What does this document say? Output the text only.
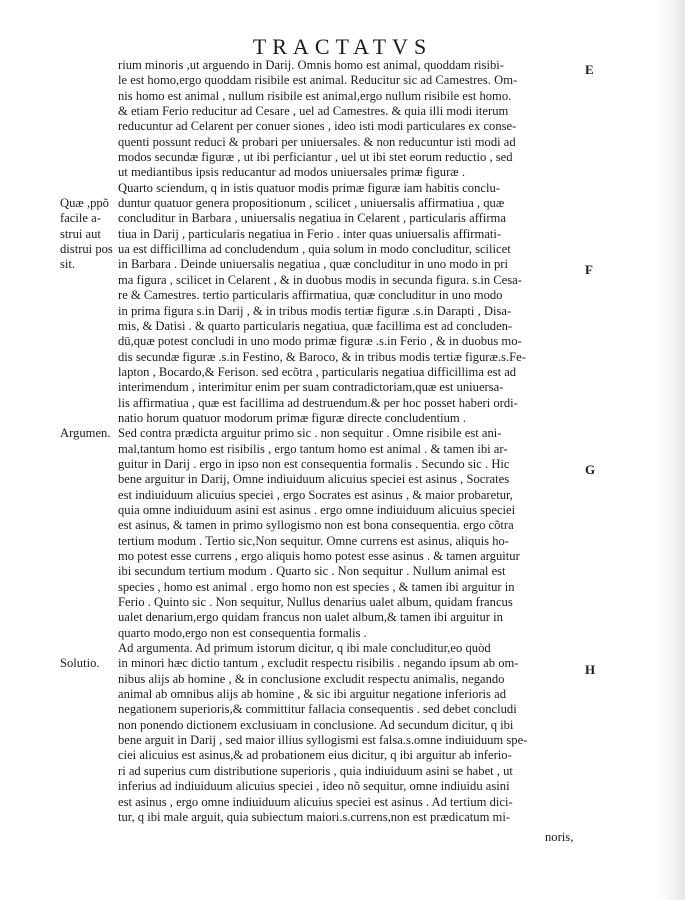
TRACTATVS
rium minoris ,ut arguendo in Darij. Omnis homo est animal, quoddam risibi-
le est homo,ergo quoddam risibile est animal. Reducitur sic ad Camestres. Om-
nis homo est animal , nullum risibile est animal,ergo nullum risibile est homo.
& etiam Ferio reducitur ad Cesare , uel ad Camestres. & quia illi modi iterum
reducuntur ad Celarent per conuer siones , ideo isti modi particulares ex conse-
quenti possunt reduci & probari per uniuersales. & non reducuntur isti modi ad
modos secundæ figuræ , ut ibi perficiantur , uel ut ibi stet eorum reductio , sed
ut mediantibus ipsis reducantur ad modos uniuersales primæ figuræ .
Quarto sciendum, q in istis quatuor modis primæ figuræ iam habitis conclu-
duntur quatuor genera propositionum , scilicet , uniuersalis affirmatiua , quæ
concluditur in Barbara , uniuersalis negatiua in Celarent , particularis affirma
tiua in Darij , particularis negatiua in Ferio . inter quas uniuersalis affirmati-
ua est difficillima ad concludendum , quia solum in modo concluditur, scilicet
in Barbara . Deinde uniuersalis negatiua , quæ concluditur in uno modo in pri
ma figura , scilicet in Celarent , & in duobus modis in secunda figura. s.in Cesa-
re & Camestres. tertio particularis affirmatiua, quæ concluditur in uno modo
in prima figura s.in Darij , & in tribus modis tertiæ figuræ .s.in Darapti , Disa-
mis, & Datisi . & quarto particularis negatiua, quæ facillima est ad concluden-
dū,quæ potest concludi in uno modo primæ figuræ .s.in Ferio , & in duobus mo-
dis secundæ figuræ .s.in Festino, & Baroco, & in tribus modis tertiæ figuræ.s.Fe-
lapton , Bocardo,& Ferison. sed ecõtra , particularis negatiua difficillima est ad
interimendum , interimitur enim per suam contradictoriam,quæ est uniuersa-
lis affirmatiua , quæ est facillima ad destruendum.& per hoc posset haberi ordi-
natio horum quatuor modorum primæ figuræ directe concludentium .
Sed contra prædicta arguitur primo sic . non sequitur . Omne risibile est ani-
mal,tantum homo est risibilis , ergo tantum homo est animal . & tamen ibi ar-
guitur in Darij . ergo in ipso non est consequentia formalis . Secundo sic . Hic
bene arguitur in Darij, Omne indiuiduum alicuius speciei est asinus , Socrates
est indiuiduum alicuius speciei , ergo Socrates est asinus , & maior probaretur,
quia omne indiuiduum asini est asinus . ergo omne indiuiduum alicuius speciei
est asinus, & tamen in primo syllogismo non est bona consequentia. ergo cõtra
tertium modum . Tertio sic,Non sequitur. Omne currens est asinus, aliquis ho-
mo potest esse currens , ergo aliquis homo potest esse asinus . & tamen arguitur
ibi secundum tertium modum . Quarto sic . Non sequitur . Nullum animal est
species , homo est animal . ergo homo non est species , & tamen ibi arguitur in
Ferio . Quinto sic . Non sequitur, Nullus denarius ualet album, quidam francus
ualet denarium,ergo quidam francus non ualet album,& tamen ibi arguitur in
quarto modo,ergo non est consequentia formalis .
Ad argumenta. Ad primum istorum dicitur, q ibi male concluditur,eo quòd
in minori hæc dictio tantum , excludit respectu risibilis . negando ipsum ab om-
nibus alijs ab homine , & in conclusione excludit respectu animalis, negando
animal ab omnibus alijs ab homine , & sic ibi arguitur negatione inferioris ad
negationem superioris,& committitur fallacia consequentis . sed debet concludi
non ponendo dictionem exclusiuam in conclusione. Ad secundum dicitur, q ibi
bene arguit in Darij , sed maior illius syllogismi est falsa.s.omne indiuiduum spe-
ciei alicuius est asinus,& ad probationem eius dicitur, q ibi arguitur ab inferio-
ri ad superius cum distributione superioris , quia indiuiduum asini se habet , ut
inferius ad indiuiduum alicuius speciei , ideo nõ sequitur, omne indiuidu asini
est asinus , ergo omne indiuiduum alicuius speciei est asinus . Ad tertium dici-
tur, q ibi male arguit, quia subiectum maiori.s.currens,non est prædicatum mi-
Quæ ,ppõ
facile a-
strui aut
distrui pos
sit.
Argumen.
Solutio.
E
F
G
H
noris,
